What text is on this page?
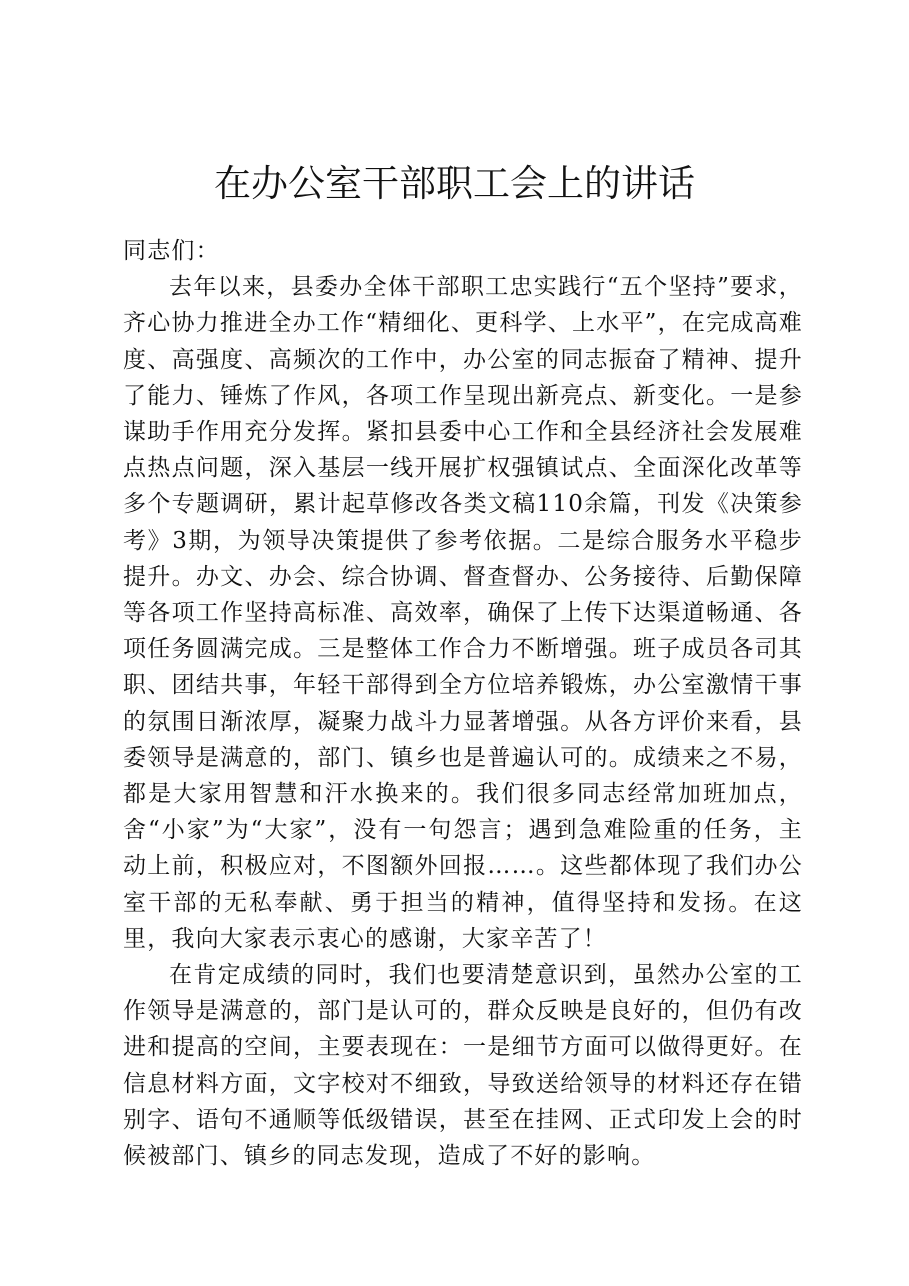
在办公室干部职工会上的讲话

同志们：

去年以来，县委办全体干部职工忠实践行“五个坚持”要求，齐心协力推进全办工作“精细化、更科学、上水平”，在完成高难度、高强度、高频次的工作中，办公室的同志振奋了精神、提升了能力、锤炼了作风，各项工作呈现出新亮点、新变化。一是参谋助手作用充分发挥。紧扣县委中心工作和全县经济社会发展难点热点问题，深入基层一线开展扩权强镇试点、全面深化改革等多个专题调研，累计起草修改各类文稿110余篇，刊发《决策参考》3期，为领导决策提供了参考依据。二是综合服务水平稳步提升。办文、办会、综合协调、督查督办、公务接待、后勤保障等各项工作坚持高标准、高效率，确保了上传下达渠道畅通、各项任务圆满完成。三是整体工作合力不断增强。班子成员各司其职、团结共事，年轻干部得到全方位培养锻炼，办公室激情干事的氛围日渐浓厚，凝聚力战斗力显著增强。从各方评价来看，县委领导是满意的，部门、镇乡也是普遍认可的。成绩来之不易，都是大家用智慧和汗水换来的。我们很多同志经常加班加点，舍“小家”为“大家”，没有一句怨言；遇到急难险重的任务，主动上前，积极应对，不图额外回报……。这些都体现了我们办公室干部的无私奉献、勇于担当的精神，值得坚持和发扬。在这里，我向大家表示衷心的感谢，大家辛苦了！

在肯定成绩的同时，我们也要清楚意识到，虽然办公室的工作领导是满意的，部门是认可的，群众反映是良好的，但仍有改进和提高的空间，主要表现在：一是细节方面可以做得更好。在信息材料方面，文字校对不细致，导致送给领导的材料还存在错别字、语句不通顺等低级错误，甚至在挂网、正式印发上会的时候被部门、镇乡的同志发现，造成了不好的影响。
